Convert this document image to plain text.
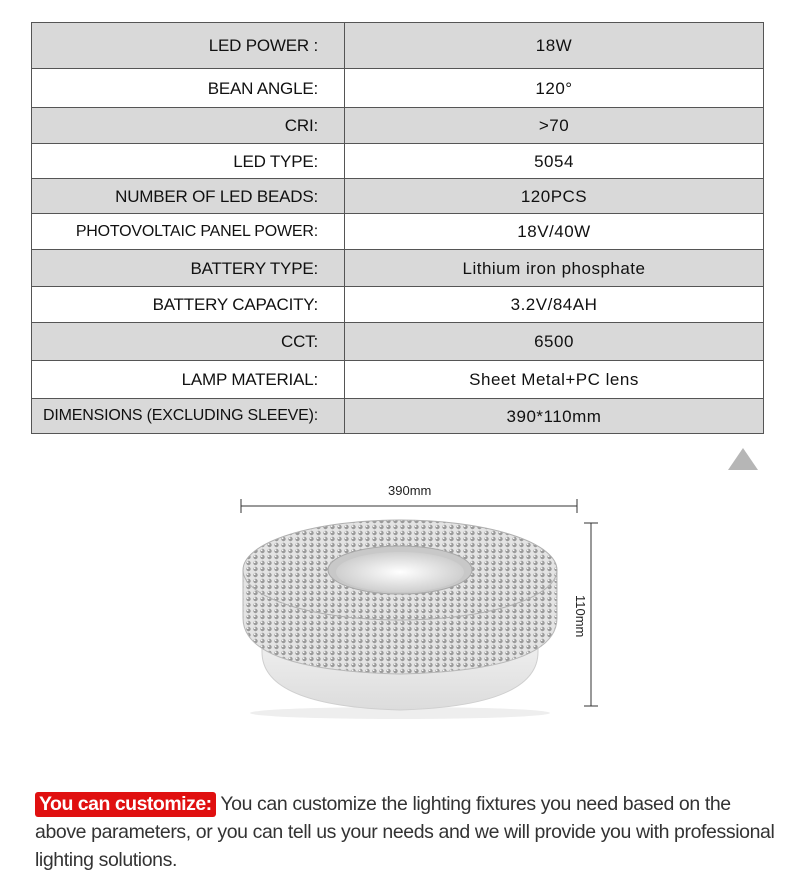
LED POWER :	18W
BEAN ANGLE:	120°
CRI:	>70
LED TYPE:	5054
NUMBER OF LED BEADS:	120PCS
PHOTOVOLTAIC PANEL POWER:	18V/40W
BATTERY TYPE:	Lithium iron phosphate
BATTERY CAPACITY:	3.2V/84AH
CCT:	6500
LAMP MATERIAL:	Sheet Metal+PC lens
DIMENSIONS (EXCLUDING SLEEVE):	390*110mm
390mm
110mm

You can customize: You can customize the lighting fixtures you need based on the above parameters, or you can tell us your needs and we will provide you with professional lighting solutions.
